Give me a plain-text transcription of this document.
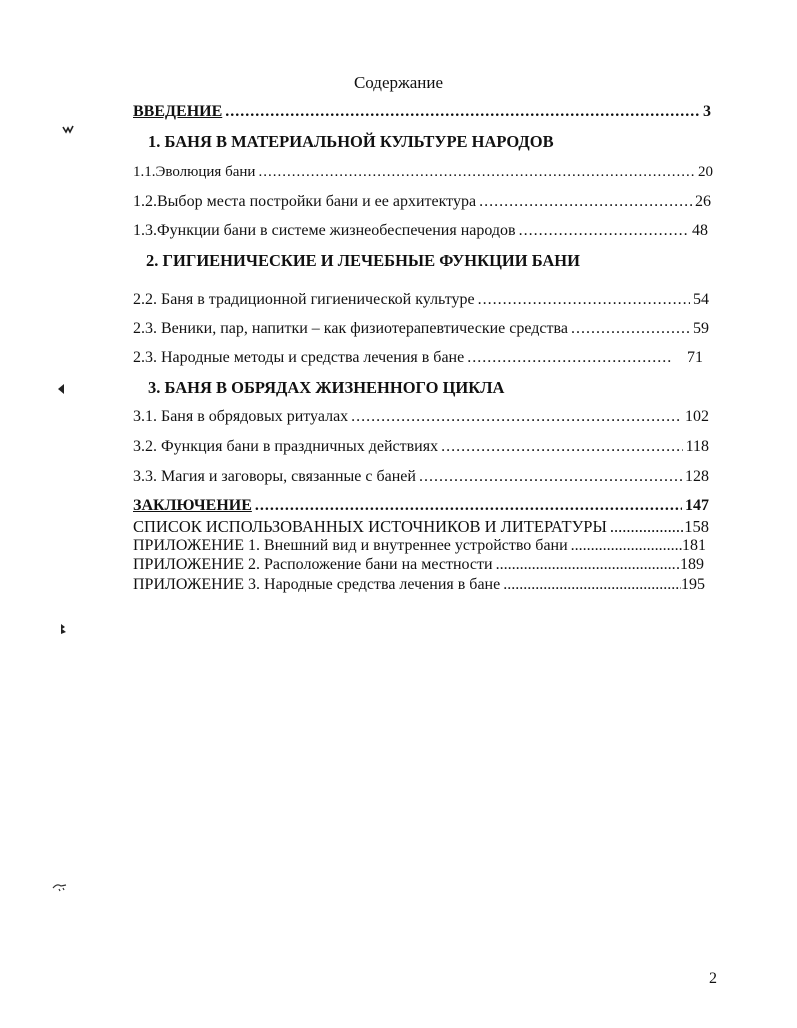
Содержание
ВВЕДЕНИЕ .....	3
1. БАНЯ В МАТЕРИАЛЬНОЙ КУЛЬТУРЕ НАРОДОВ
1.1. Эволюция бани .....	20
1.2. Выбор места постройки бани и ее архитектура .....	26
1.3. Функции бани в системе жизнеобеспечения народов .....	48
2. ГИГИЕНИЧЕСКИЕ И ЛЕЧЕБНЫЕ ФУНКЦИИ БАНИ
2.2. Баня в традиционной гигиенической культуре .....	54
2.3. Веники, пар, напитки – как физиотерапевтические средства .....	59
2.3. Народные методы и средства лечения в бане .....	71
3. БАНЯ В ОБРЯДАХ ЖИЗНЕННОГО ЦИКЛА
3.1. Баня в обрядовых ритуалах .....	102
3.2. Функция бани в праздничных действиях .....	118
3.3. Магия и заговоры, связанные с баней .....	128
ЗАКЛЮЧЕНИЕ .....	147
СПИСОК ИСПОЛЬЗОВАННЫХ ИСТОЧНИКОВ И ЛИТЕРАТУРЫ .....	158
ПРИЛОЖЕНИЕ 1. Внешний вид и внутреннее устройство бани .....	181
ПРИЛОЖЕНИЕ 2. Расположение бани на местности .....	.189
ПРИЛОЖЕНИЕ 3. Народные средства лечения в бане .....	195
2
